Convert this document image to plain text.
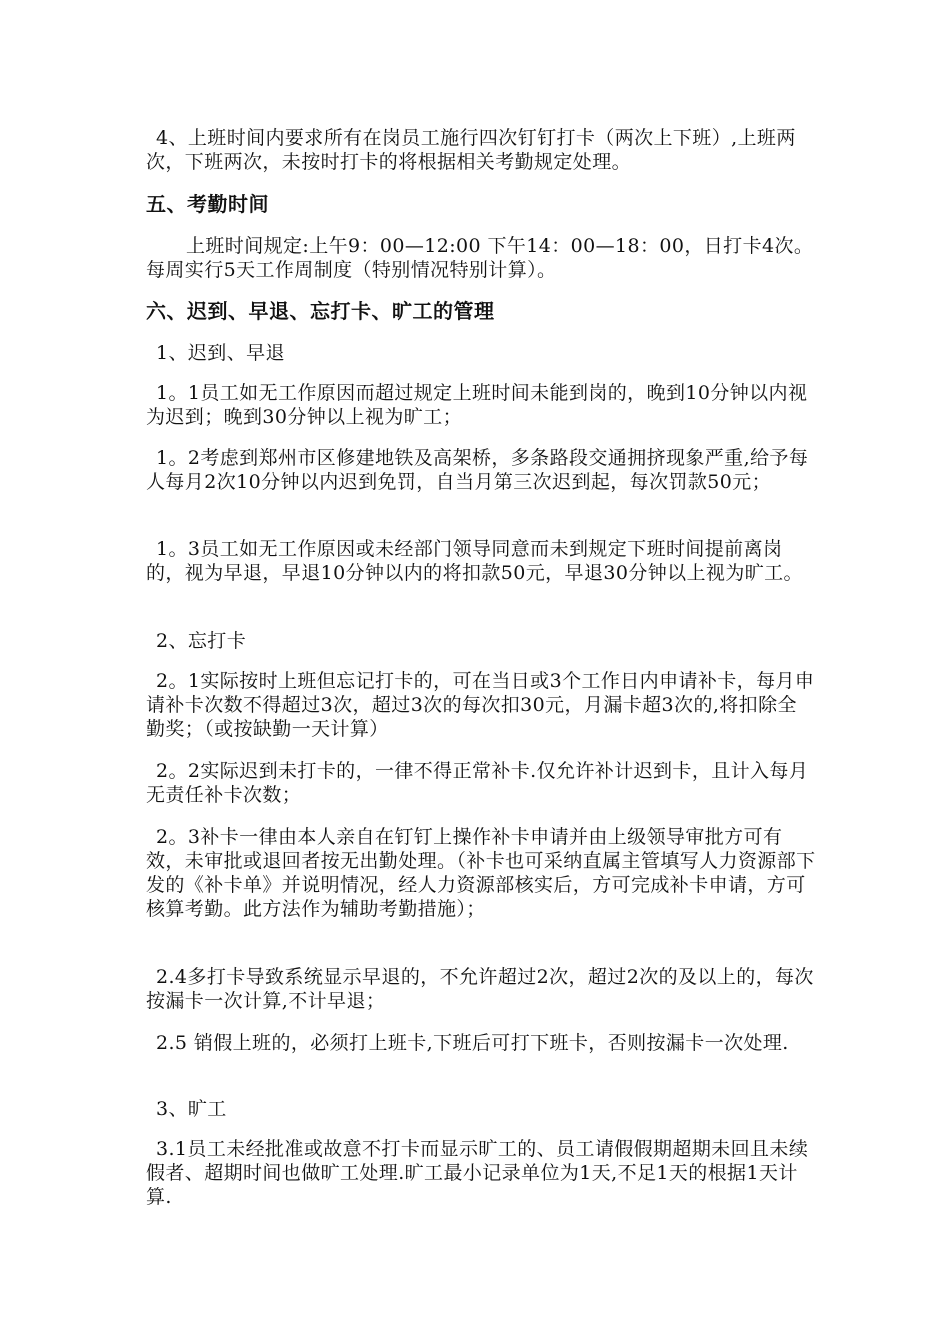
4、上班时间内要求所有在岗员工施行四次钉钉打卡（两次上下班）,上班两次，下班两次，未按时打卡的将根据相关考勤规定处理。

五、考勤时间

上班时间规定:上午9：00—12:00 下午14：00—18：00，日打卡4次。每周实行5天工作周制度（特别情况特别计算）。

六、迟到、早退、忘打卡、旷工的管理

1、迟到、早退

1。1员工如无工作原因而超过规定上班时间未能到岗的，晚到10分钟以内视为迟到；晚到30分钟以上视为旷工；

1。2考虑到郑州市区修建地铁及高架桥，多条路段交通拥挤现象严重,给予每人每月2次10分钟以内迟到免罚，自当月第三次迟到起，每次罚款50元；

1。3员工如无工作原因或未经部门领导同意而未到规定下班时间提前离岗的，视为早退，早退10分钟以内的将扣款50元，早退30分钟以上视为旷工。

2、忘打卡

2。1实际按时上班但忘记打卡的，可在当日或3个工作日内申请补卡，每月申请补卡次数不得超过3次，超过3次的每次扣30元，月漏卡超3次的,将扣除全勤奖；（或按缺勤一天计算）

2。2实际迟到未打卡的，一律不得正常补卡.仅允许补计迟到卡，且计入每月无责任补卡次数；

2。3补卡一律由本人亲自在钉钉上操作补卡申请并由上级领导审批方可有效，未审批或退回者按无出勤处理。（补卡也可采纳直属主管填写人力资源部下发的《补卡单》并说明情况，经人力资源部核实后，方可完成补卡申请，方可核算考勤。此方法作为辅助考勤措施）；

2.4多打卡导致系统显示早退的，不允许超过2次，超过2次的及以上的，每次按漏卡一次计算,不计早退；

2.5 销假上班的，必须打上班卡,下班后可打下班卡，否则按漏卡一次处理.

3、旷工

3.1员工未经批准或故意不打卡而显示旷工的、员工请假假期超期未回且未续假者、超期时间也做旷工处理.旷工最小记录单位为1天,不足1天的根据1天计算.
